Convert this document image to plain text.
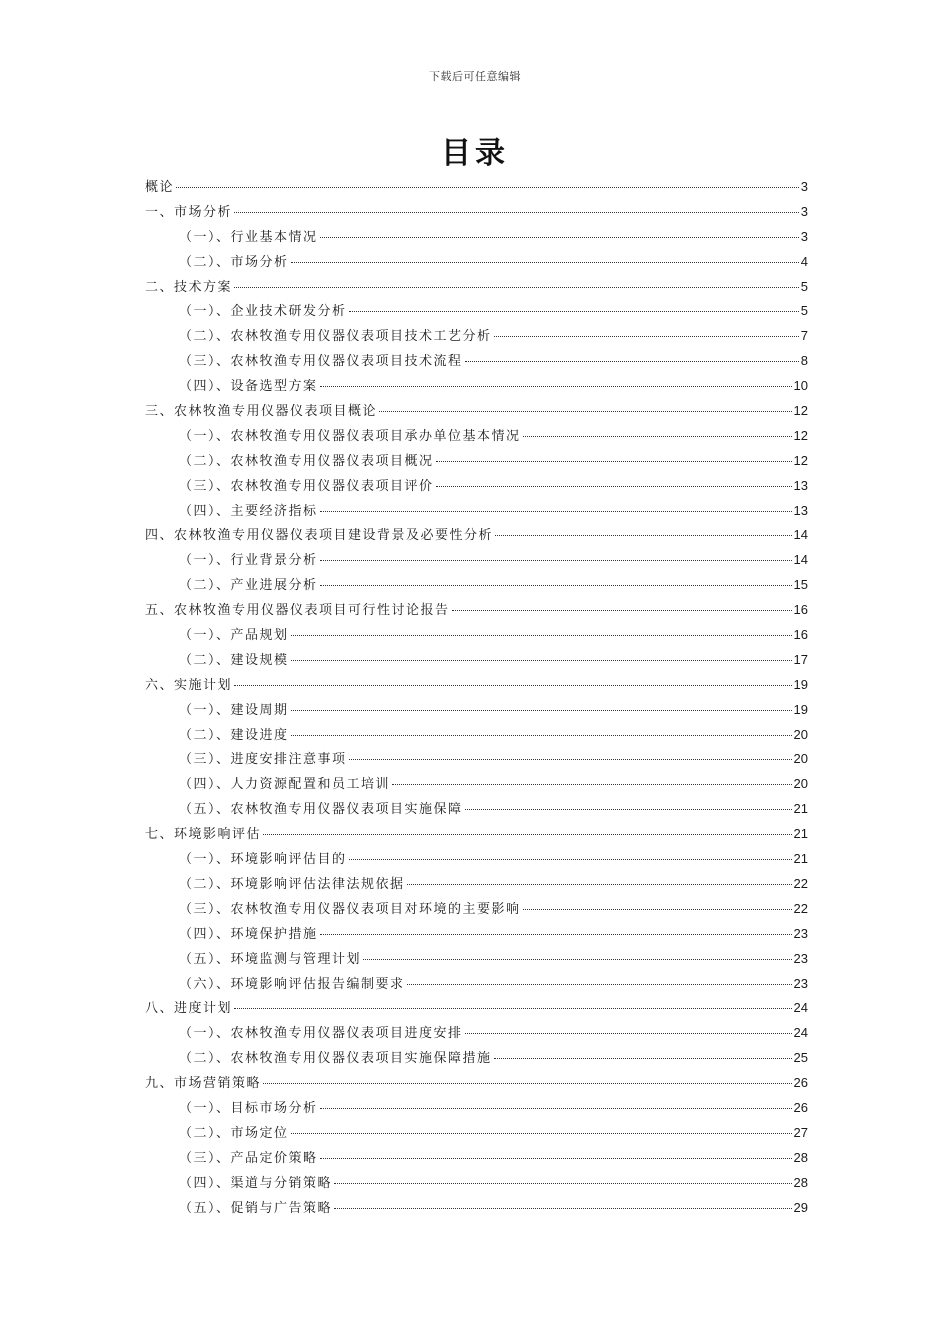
下载后可任意编辑
目录
概论	3
一、市场分析	3
（一）、行业基本情况	3
（二）、市场分析	4
二、技术方案	5
（一）、企业技术研发分析	5
（二）、农林牧渔专用仪器仪表项目技术工艺分析	7
（三）、农林牧渔专用仪器仪表项目技术流程	8
（四）、设备选型方案	10
三、农林牧渔专用仪器仪表项目概论	12
（一）、农林牧渔专用仪器仪表项目承办单位基本情况	12
（二）、农林牧渔专用仪器仪表项目概况	12
（三）、农林牧渔专用仪器仪表项目评价	13
（四）、主要经济指标	13
四、农林牧渔专用仪器仪表项目建设背景及必要性分析	14
（一）、行业背景分析	14
（二）、产业进展分析	15
五、农林牧渔专用仪器仪表项目可行性讨论报告	16
（一）、产品规划	16
（二）、建设规模	17
六、实施计划	19
（一）、建设周期	19
（二）、建设进度	20
（三）、进度安排注意事项	20
（四）、人力资源配置和员工培训	20
（五）、农林牧渔专用仪器仪表项目实施保障	21
七、环境影响评估	21
（一）、环境影响评估目的	21
（二）、环境影响评估法律法规依据	22
（三）、农林牧渔专用仪器仪表项目对环境的主要影响	22
（四）、环境保护措施	23
（五）、环境监测与管理计划	23
（六）、环境影响评估报告编制要求	23
八、进度计划	24
（一）、农林牧渔专用仪器仪表项目进度安排	24
（二）、农林牧渔专用仪器仪表项目实施保障措施	25
九、市场营销策略	26
（一）、目标市场分析	26
（二）、市场定位	27
（三）、产品定价策略	28
（四）、渠道与分销策略	28
（五）、促销与广告策略	29
